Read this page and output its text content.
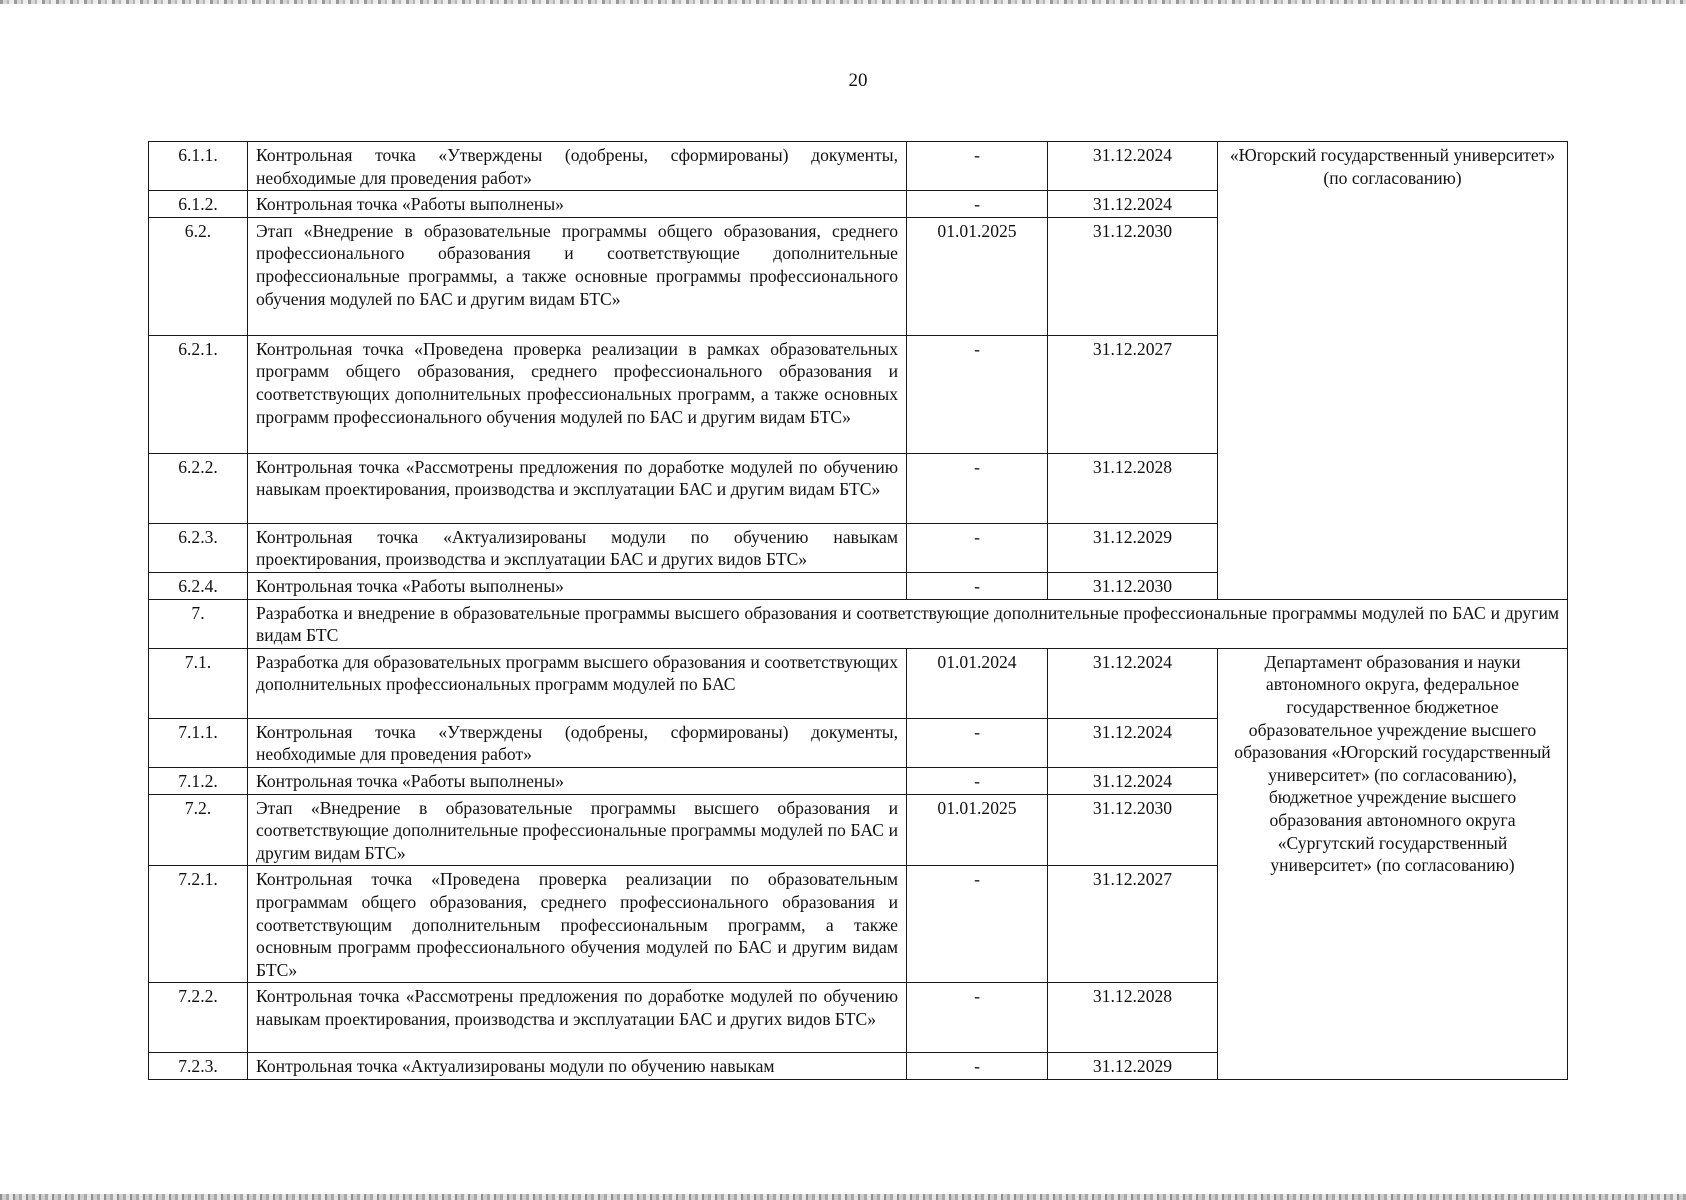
20
6.1.1.	Контрольная точка «Утверждены (одобрены, сформированы) документы, необходимые для проведения работ»	-	31.12.2024	«Югорский государственный университет» (по согласованию)
6.1.2.	Контрольная точка «Работы выполнены»	-	31.12.2024	
6.2.	Этап «Внедрение в образовательные программы общего образования, среднего профессионального образования и соответствующие дополнительные профессиональные программы, а также основные программы профессионального обучения модулей по БАС и другим видам БТС»	01.01.2025	31.12.2030	
6.2.1.	Контрольная точка «Проведена проверка реализации в рамках образовательных программ общего образования, среднего профессионального образования и соответствующих дополнительных профессиональных программ, а также основных программ профессионального обучения модулей по БАС и другим видам БТС»	-	31.12.2027	
6.2.2.	Контрольная точка «Рассмотрены предложения по доработке модулей по обучению навыкам проектирования, производства и эксплуатации БАС и другим видам БТС»	-	31.12.2028	
6.2.3.	Контрольная точка «Актуализированы модули по обучению навыкам проектирования, производства и эксплуатации БАС и других видов БТС»	-	31.12.2029	
6.2.4.	Контрольная точка «Работы выполнены»	-	31.12.2030	
7.	Разработка и внедрение в образовательные программы высшего образования и соответствующие дополнительные профессиональные программы модулей по БАС и другим видам БТС			
7.1.	Разработка для образовательных программ высшего образования и соответствующих дополнительных профессиональных программ модулей по БАС	01.01.2024	31.12.2024	Департамент образования и науки автономного округа, федеральное государственное бюджетное образовательное учреждение высшего образования «Югорский государственный университет» (по согласованию), бюджетное учреждение высшего образования автономного округа «Сургутский государственный университет» (по согласованию)
7.1.1.	Контрольная точка «Утверждены (одобрены, сформированы) документы, необходимые для проведения работ»	-	31.12.2024	
7.1.2.	Контрольная точка «Работы выполнены»	-	31.12.2024	
7.2.	Этап «Внедрение в образовательные программы высшего образования и соответствующие дополнительные профессиональные программы модулей по БАС и другим видам БТС»	01.01.2025	31.12.2030	
7.2.1.	Контрольная точка «Проведена проверка реализации по образовательным программам общего образования, среднего профессионального образования и соответствующим дополнительным профессиональным программ, а также основным программ профессионального обучения модулей по БАС и другим видам БТС»	-	31.12.2027	
7.2.2.	Контрольная точка «Рассмотрены предложения по доработке модулей по обучению навыкам проектирования, производства и эксплуатации БАС и других видов БТС»	-	31.12.2028	
7.2.3.	Контрольная точка «Актуализированы модули по обучению навыкам	-	31.12.2029	
